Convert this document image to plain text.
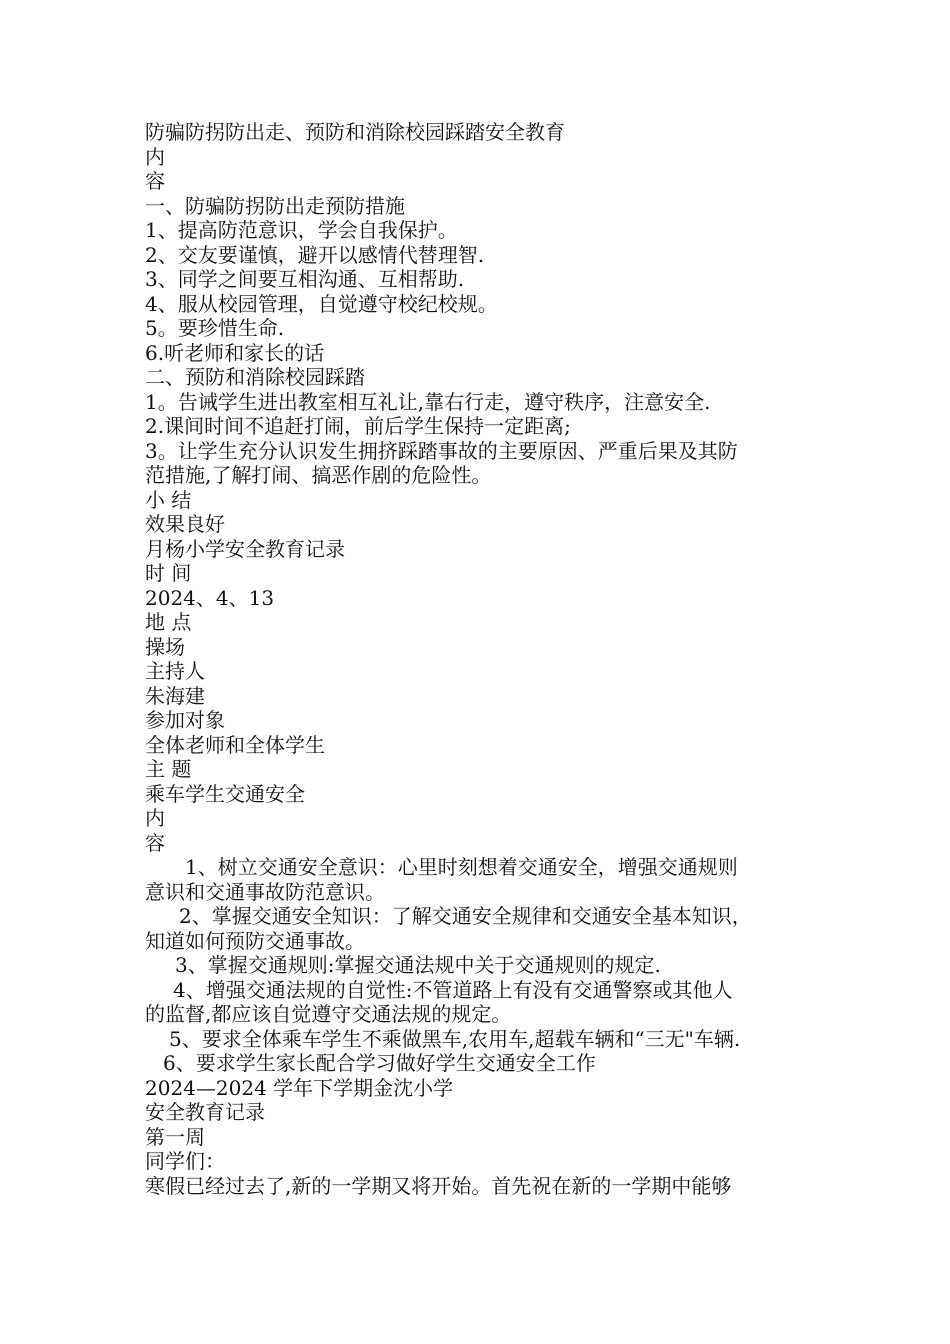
防骗防拐防出走、预防和消除校园踩踏安全教育
内
容
一、防骗防拐防出走预防措施
1、提高防范意识，学会自我保护。
2、交友要谨慎，避开以感情代替理智.
3、同学之间要互相沟通、互相帮助.
4、服从校园管理，自觉遵守校纪校规。
5。要珍惜生命.
6.听老师和家长的话
二、预防和消除校园踩踏
1。告诫学生进出教室相互礼让,靠右行走，遵守秩序，注意安全.
2.课间时间不追赶打闹，前后学生保持一定距离;
3。让学生充分认识发生拥挤踩踏事故的主要原因、严重后果及其防
范措施,了解打闹、搞恶作剧的危险性。
小 结
效果良好
月杨小学安全教育记录
时 间
2024、4、13
地 点
操场
主持人
朱海建
参加对象
全体老师和全体学生
主 题
乘车学生交通安全
内
容
1、树立交通安全意识：心里时刻想着交通安全，增强交通规则
意识和交通事故防范意识。
2、掌握交通安全知识：了解交通安全规律和交通安全基本知识，
知道如何预防交通事故。
3、掌握交通规则:掌握交通法规中关于交通规则的规定.
4、增强交通法规的自觉性:不管道路上有没有交通警察或其他人
的监督,都应该自觉遵守交通法规的规定。
5、要求全体乘车学生不乘做黑车,农用车,超载车辆和“三无"车辆.
6、要求学生家长配合学习做好学生交通安全工作
2024—2024 学年下学期金沈小学
安全教育记录
第一周
同学们：
寒假已经过去了,新的一学期又将开始。首先祝在新的一学期中能够
